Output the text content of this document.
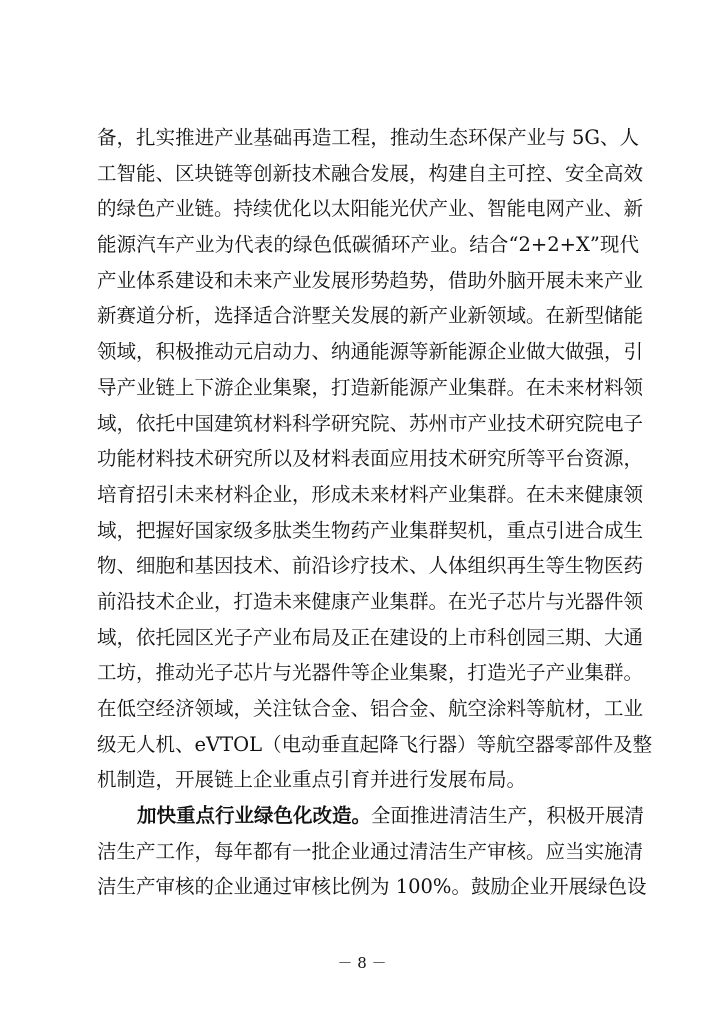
备，扎实推进产业基础再造工程，推动生态环保产业与 5G、人
工智能、区块链等创新技术融合发展，构建自主可控、安全高效
的绿色产业链。持续优化以太阳能光伏产业、智能电网产业、新
能源汽车产业为代表的绿色低碳循环产业。结合“2+2+X”现代
产业体系建设和未来产业发展形势趋势，借助外脑开展未来产业
新赛道分析，选择适合浒墅关发展的新产业新领域。在新型储能
领域，积极推动元启动力、纳通能源等新能源企业做大做强，引
导产业链上下游企业集聚，打造新能源产业集群。在未来材料领
域，依托中国建筑材料科学研究院、苏州市产业技术研究院电子
功能材料技术研究所以及材料表面应用技术研究所等平台资源，
培育招引未来材料企业，形成未来材料产业集群。在未来健康领
域，把握好国家级多肽类生物药产业集群契机，重点引进合成生
物、细胞和基因技术、前沿诊疗技术、人体组织再生等生物医药
前沿技术企业，打造未来健康产业集群。在光子芯片与光器件领
域，依托园区光子产业布局及正在建设的上市科创园三期、大通
工坊，推动光子芯片与光器件等企业集聚，打造光子产业集群。
在低空经济领域，关注钛合金、铝合金、航空涂料等航材，工业
级无人机、eVTOL（电动垂直起降飞行器）等航空器零部件及整
机制造，开展链上企业重点引育并进行发展布局。
加快重点行业绿色化改造。全面推进清洁生产，积极开展清
洁生产工作，每年都有一批企业通过清洁生产审核。应当实施清
洁生产审核的企业通过审核比例为 100%。鼓励企业开展绿色设
－ 8 －
